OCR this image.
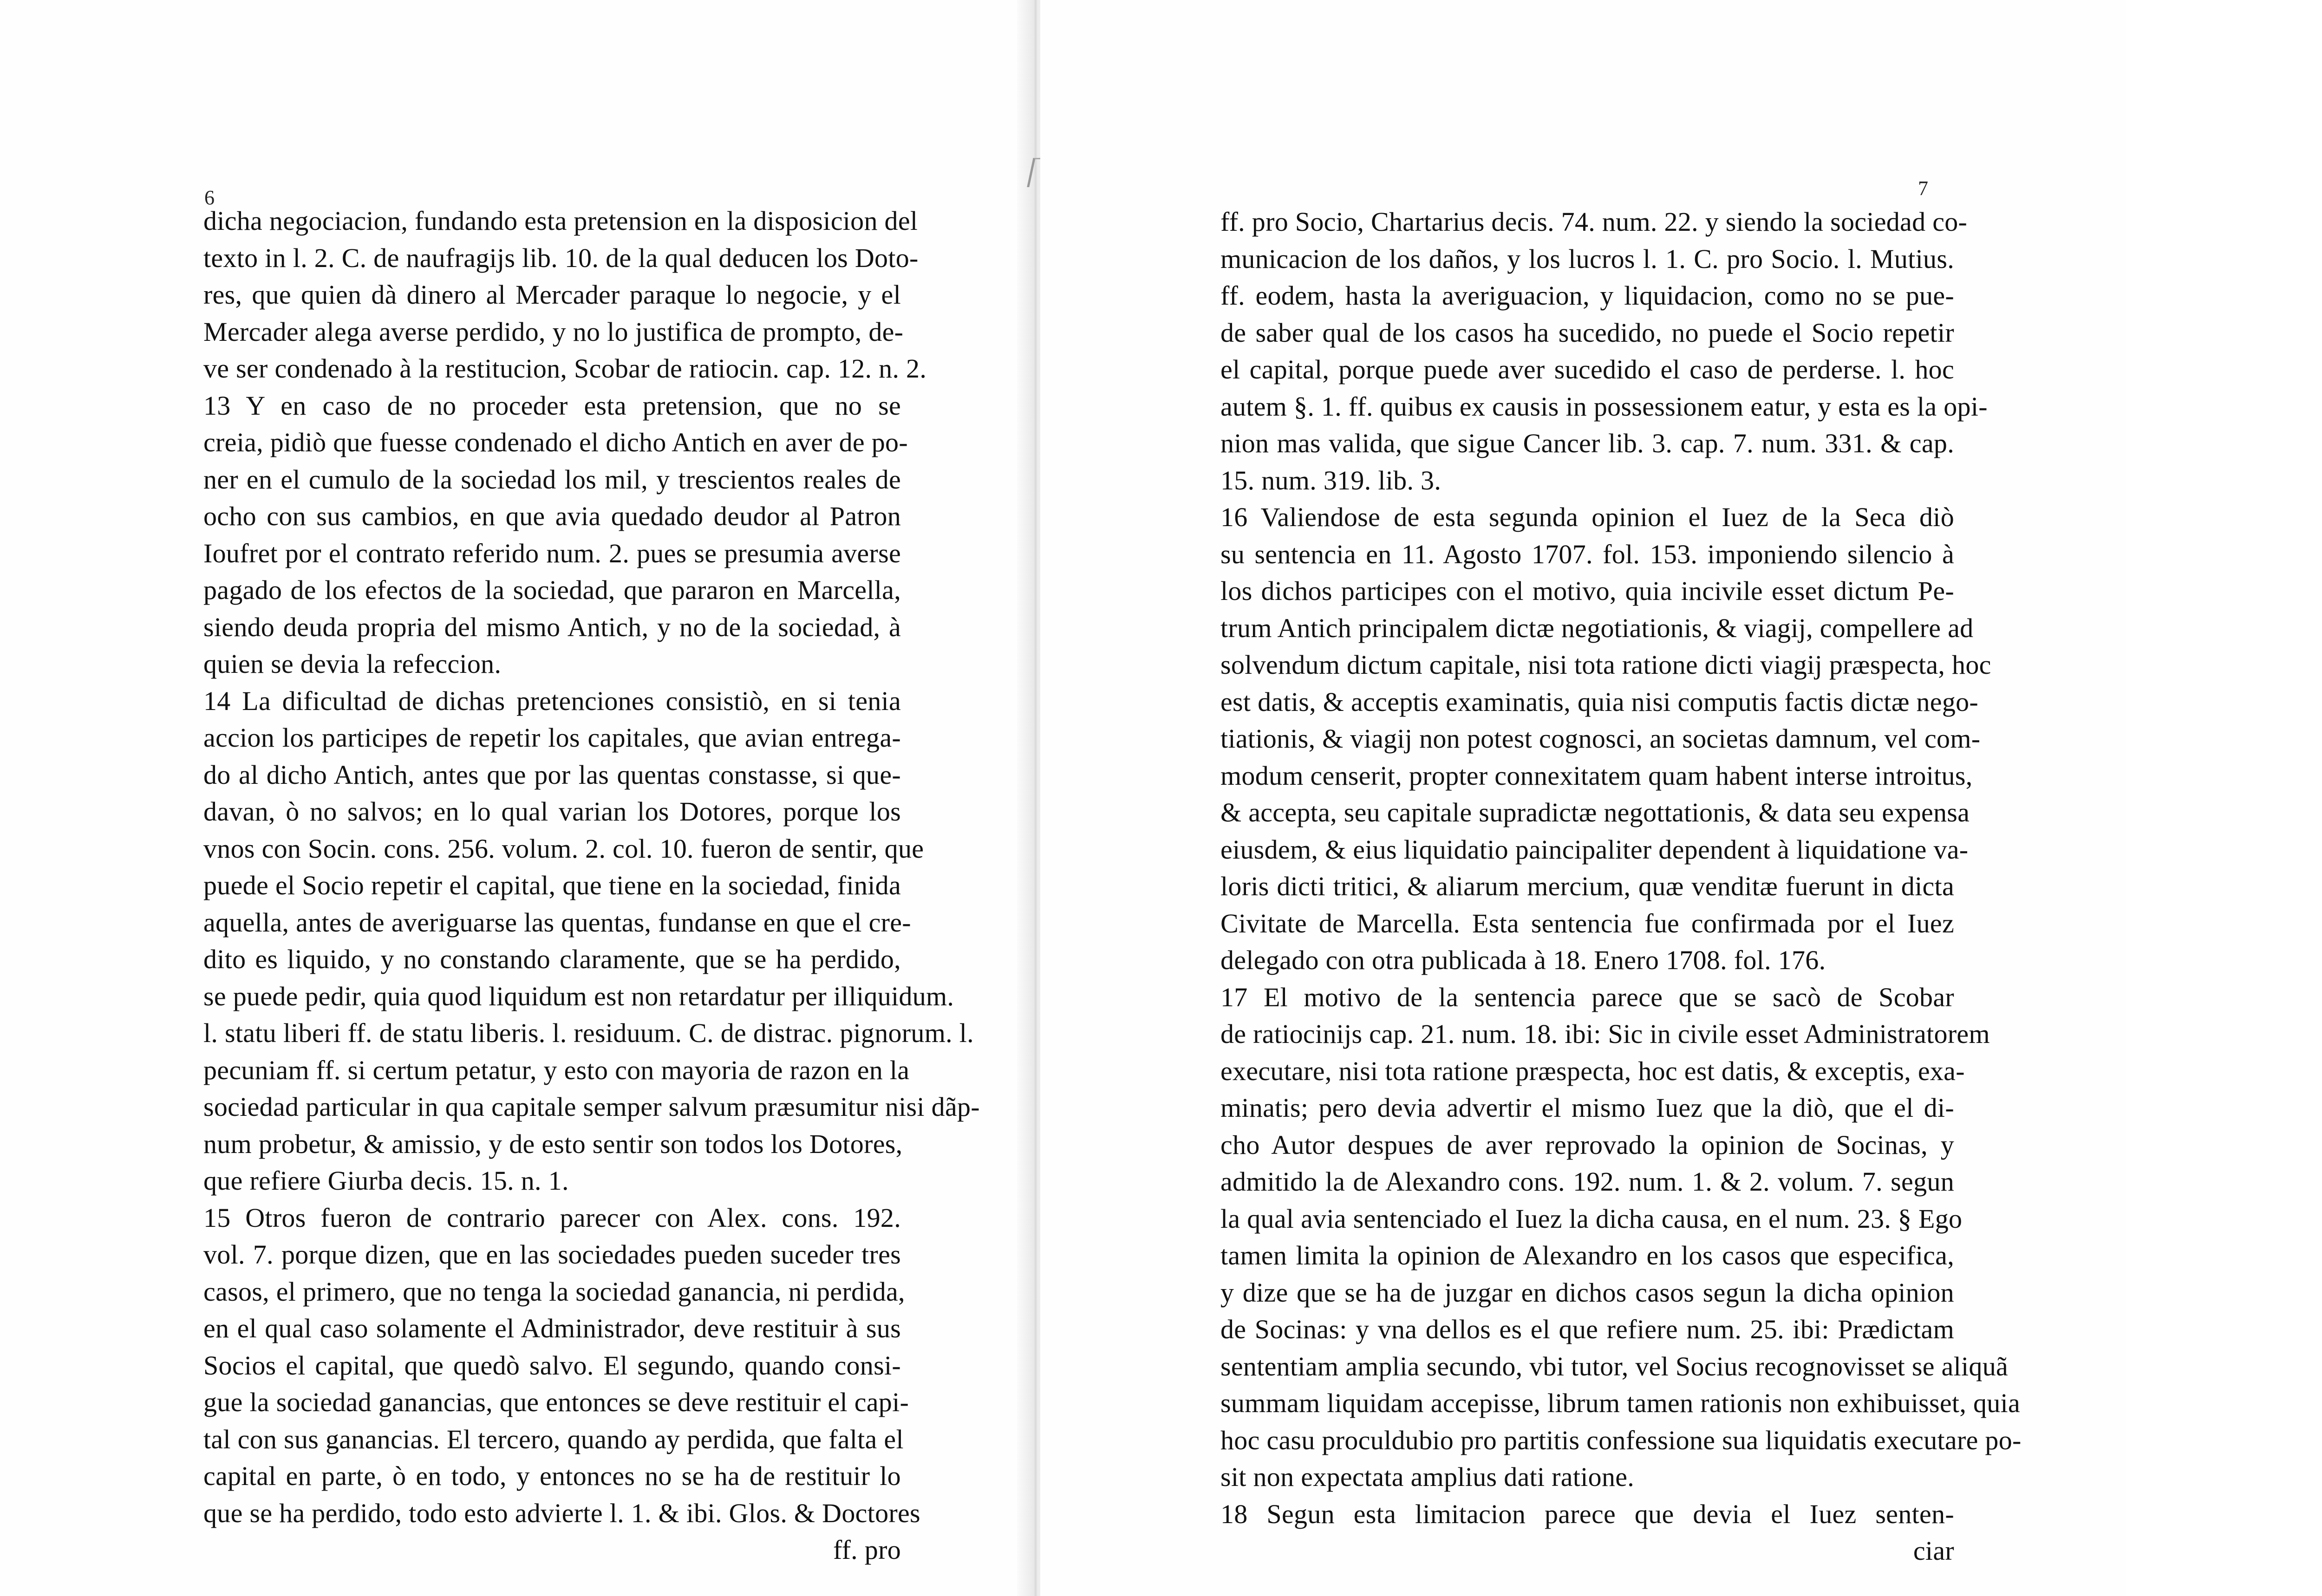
6
dicha negociacion, fundando esta pretension en la disposicion del
texto in l. 2. C. de naufragijs lib. 10. de la qual deducen los Doto-
res, que quien dà dinero al Mercader paraque lo negocie, y el
Mercader alega averse perdido, y no lo justifica de prompto, de-
ve ser condenado à la restitucion, Scobar de ratiocin. cap. 12. n. 2.
13 Y en caso de no proceder esta pretension, que no se
creia, pidiò que fuesse condenado el dicho Antich en aver de po-
ner en el cumulo de la sociedad los mil, y trescientos reales de
ocho con sus cambios, en que avia quedado deudor al Patron
Ioufret por el contrato referido num. 2. pues se presumia averse
pagado de los efectos de la sociedad, que pararon en Marcella,
siendo deuda propria del mismo Antich, y no de la sociedad, à
quien se devia la refeccion.
14 La dificultad de dichas pretenciones consistiò, en si tenia
accion los participes de repetir los capitales, que avian entrega-
do al dicho Antich, antes que por las quentas constasse, si que-
davan, ò no salvos; en lo qual varian los Dotores, porque los
vnos con Socin. cons. 256. volum. 2. col. 10. fueron de sentir, que
puede el Socio repetir el capital, que tiene en la sociedad, finida
aquella, antes de averiguarse las quentas, fundanse en que el cre-
dito es liquido, y no constando claramente, que se ha perdido,
se puede pedir, quia quod liquidum est non retardatur per illiquidum.
l. statu liberi ff. de statu liberis. l. residuum. C. de distrac. pignorum. l.
pecuniam ff. si certum petatur, y esto con mayoria de razon en la
sociedad particular in qua capitale semper salvum præsumitur nisi dãp-
num probetur, & amissio, y de esto sentir son todos los Dotores,
que refiere Giurba decis. 15. n. 1.
15 Otros fueron de contrario parecer con Alex. cons. 192.
vol. 7. porque dizen, que en las sociedades pueden suceder tres
casos, el primero, que no tenga la sociedad ganancia, ni perdida,
en el qual caso solamente el Administrador, deve restituir à sus
Socios el capital, que quedò salvo. El segundo, quando consi-
gue la sociedad ganancias, que entonces se deve restituir el capi-
tal con sus ganancias. El tercero, quando ay perdida, que falta el
capital en parte, ò en todo, y entonces no se ha de restituir lo
que se ha perdido, todo esto advierte l. 1. & ibi. Glos. & Doctores
ff. pro
7
ff. pro Socio, Chartarius decis. 74. num. 22. y siendo la sociedad co-
municacion de los daños, y los lucros l. 1. C. pro Socio. l. Mutius.
ff. eodem, hasta la averiguacion, y liquidacion, como no se pue-
de saber qual de los casos ha sucedido, no puede el Socio repetir
el capital, porque puede aver sucedido el caso de perderse. l. hoc
autem §. 1. ff. quibus ex causis in possessionem eatur, y esta es la opi-
nion mas valida, que sigue Cancer lib. 3. cap. 7. num. 331. & cap.
15. num. 319. lib. 3.
16 Valiendose de esta segunda opinion el Iuez de la Seca diò
su sentencia en 11. Agosto 1707. fol. 153. imponiendo silencio à
los dichos participes con el motivo, quia incivile esset dictum Pe-
trum Antich principalem dictæ negotiationis, & viagij, compellere ad
solvendum dictum capitale, nisi tota ratione dicti viagij præspecta, hoc
est datis, & acceptis examinatis, quia nisi computis factis dictæ nego-
tiationis, & viagij non potest cognosci, an societas damnum, vel com-
modum censerit, propter connexitatem quam habent interse introitus,
& accepta, seu capitale supradictæ negottationis, & data seu expensa
eiusdem, & eius liquidatio paincipaliter dependent à liquidatione va-
loris dicti tritici, & aliarum mercium, quæ venditæ fuerunt in dicta
Civitate de Marcella. Esta sentencia fue confirmada por el Iuez
delegado con otra publicada à 18. Enero 1708. fol. 176.
17 El motivo de la sentencia parece que se sacò de Scobar
de ratiocinijs cap. 21. num. 18. ibi: Sic in civile esset Administratorem
executare, nisi tota ratione præspecta, hoc est datis, & exceptis, exa-
minatis; pero devia advertir el mismo Iuez que la diò, que el di-
cho Autor despues de aver reprovado la opinion de Socinas, y
admitido la de Alexandro cons. 192. num. 1. & 2. volum. 7. segun
la qual avia sentenciado el Iuez la dicha causa, en el num. 23. § Ego
tamen limita la opinion de Alexandro en los casos que especifica,
y dize que se ha de juzgar en dichos casos segun la dicha opinion
de Socinas: y vna dellos es el que refiere num. 25. ibi: Prædictam
sententiam amplia secundo, vbi tutor, vel Socius recognovisset se aliquã
summam liquidam accepisse, librum tamen rationis non exhibuisset, quia
hoc casu proculdubio pro partitis confessione sua liquidatis executare po-
sit non expectata amplius dati ratione.
18 Segun esta limitacion parece que devia el Iuez senten-
ciar
